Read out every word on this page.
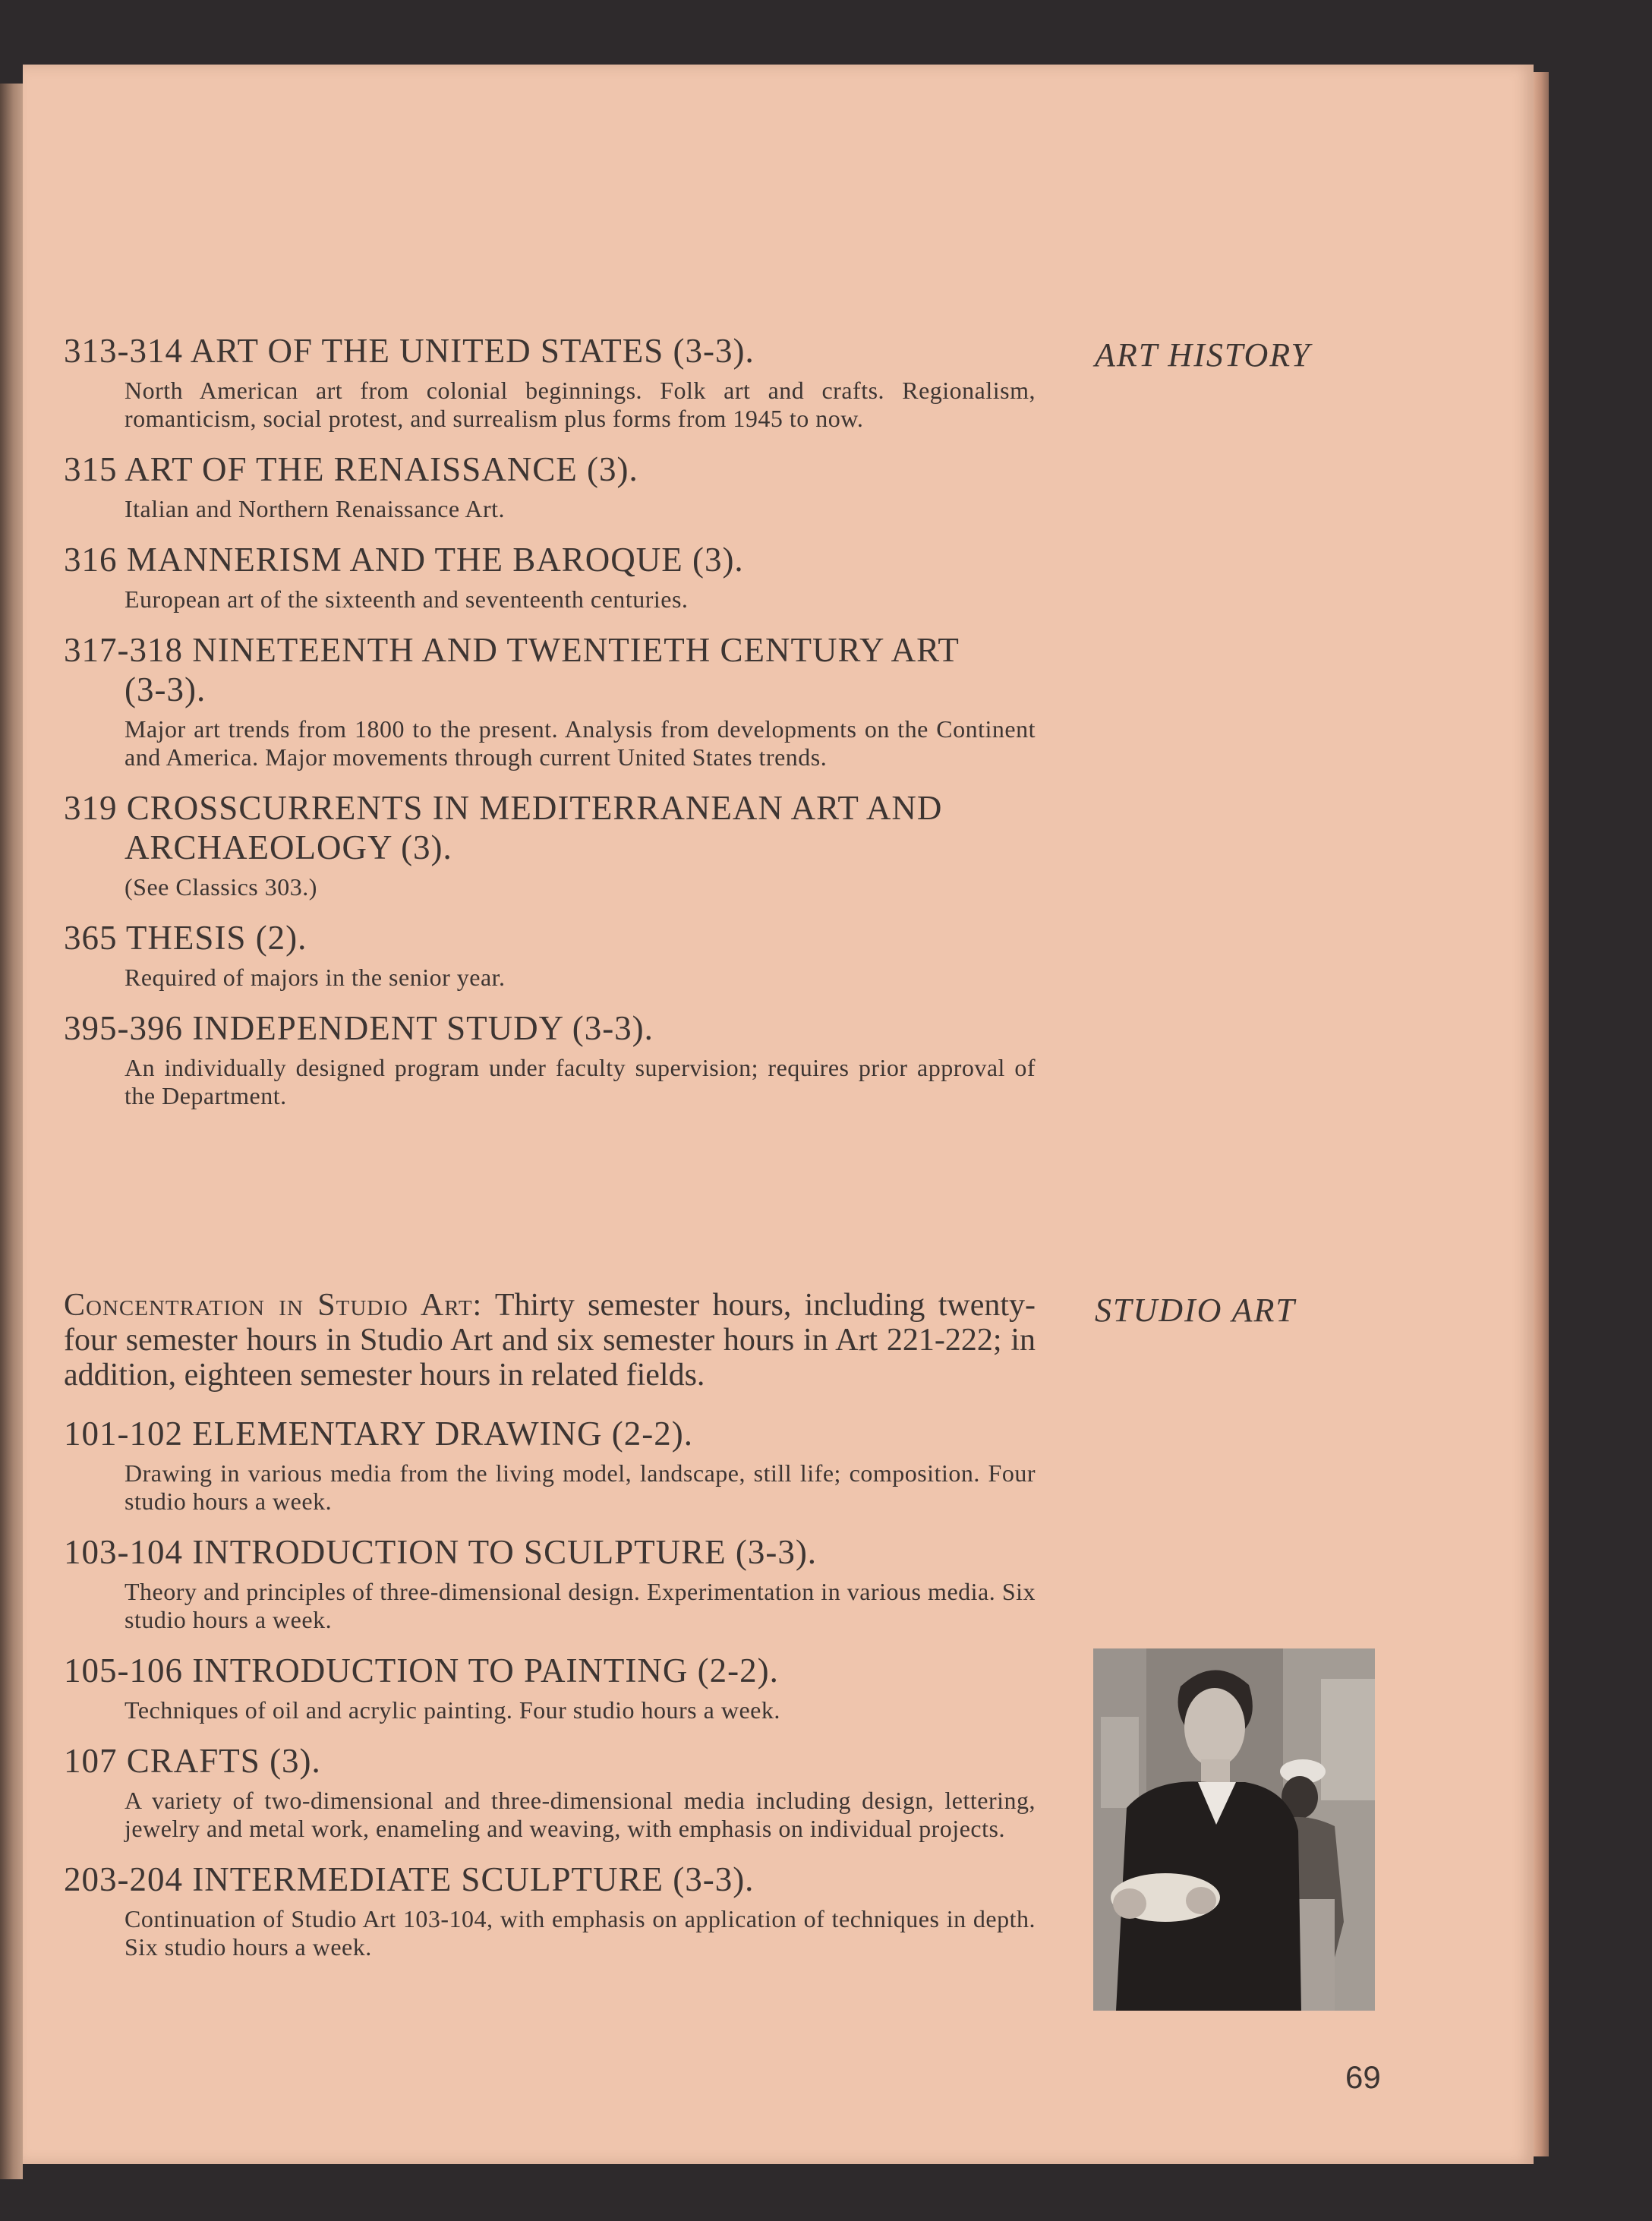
ART HISTORY
313-314 ART OF THE UNITED STATES (3-3).
North American art from colonial beginnings. Folk art and crafts. Regionalism, romanticism, social protest, and surrealism plus forms from 1945 to now.
315 ART OF THE RENAISSANCE (3).
Italian and Northern Renaissance Art.
316 MANNERISM AND THE BAROQUE (3).
European art of the sixteenth and seventeenth centuries.
317-318 NINETEENTH AND TWENTIETH CENTURY ART (3-3).
Major art trends from 1800 to the present. Analysis from developments on the Continent and America. Major movements through current United States trends.
319 CROSSCURRENTS IN MEDITERRANEAN ART AND ARCHAEOLOGY (3).
(See Classics 303.)
365 THESIS (2).
Required of majors in the senior year.
395-396 INDEPENDENT STUDY (3-3).
An individually designed program under faculty supervision; requires prior approval of the Department.
STUDIO ART
Concentration in Studio Art: Thirty semester hours, including twenty-four semester hours in Studio Art and six semester hours in Art 221-222; in addition, eighteen semester hours in related fields.
101-102 ELEMENTARY DRAWING (2-2).
Drawing in various media from the living model, landscape, still life; composition. Four studio hours a week.
103-104 INTRODUCTION TO SCULPTURE (3-3).
Theory and principles of three-dimensional design. Experimentation in various media. Six studio hours a week.
105-106 INTRODUCTION TO PAINTING (2-2).
Techniques of oil and acrylic painting. Four studio hours a week.
107 CRAFTS (3).
A variety of two-dimensional and three-dimensional media including design, lettering, jewelry and metal work, enameling and weaving, with emphasis on individual projects.
203-204 INTERMEDIATE SCULPTURE (3-3).
Continuation of Studio Art 103-104, with emphasis on application of techniques in depth. Six studio hours a week.
69
